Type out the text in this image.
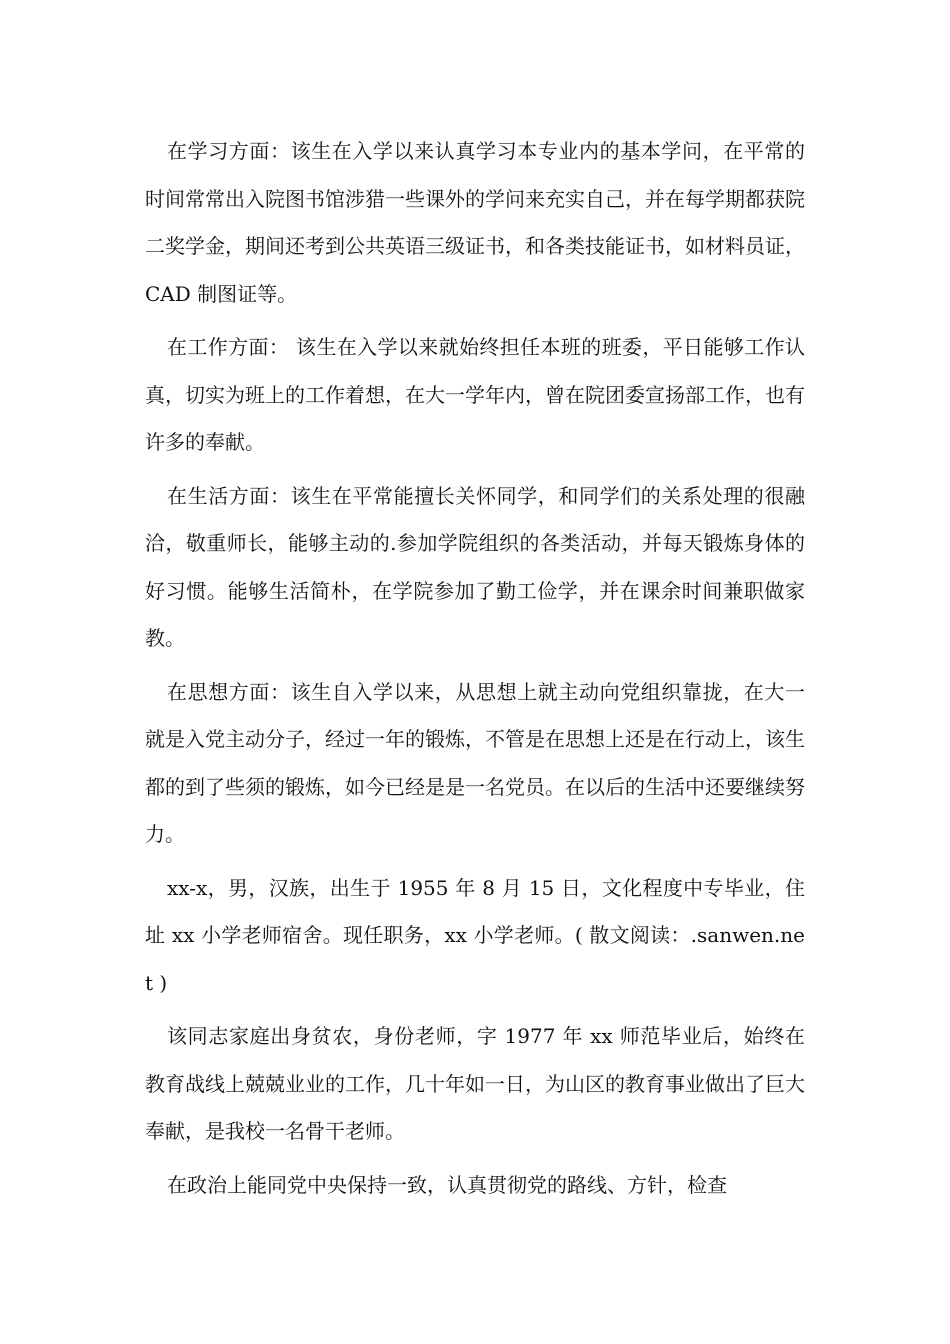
在学习方面：该生在入学以来认真学习本专业内的基本学问，在平常的时间常常出入院图书馆涉猎一些课外的学问来充实自己，并在每学期都获院二奖学金，期间还考到公共英语三级证书，和各类技能证书，如材料员证，CAD 制图证等。

在工作方面： 该生在入学以来就始终担任本班的班委，平日能够工作认真，切实为班上的工作着想，在大一学年内，曾在院团委宣扬部工作，也有许多的奉献。

在生活方面：该生在平常能擅长关怀同学，和同学们的关系处理的很融洽，敬重师长，能够主动的.参加学院组织的各类活动，并每天锻炼身体的好习惯。能够生活简朴，在学院参加了勤工俭学，并在课余时间兼职做家教。

在思想方面：该生自入学以来，从思想上就主动向党组织靠拢，在大一就是入党主动分子，经过一年的锻炼，不管是在思想上还是在行动上，该生都的到了些须的锻炼，如今已经是是一名党员。在以后的生活中还要继续努力。

xx-x，男，汉族，出生于 1955 年 8 月 15 日，文化程度中专毕业，住址 xx 小学老师宿舍。现任职务，xx 小学老师。( 散文阅读：.sanwen.net )

该同志家庭出身贫农，身份老师，字 1977 年 xx 师范毕业后，始终在教育战线上兢兢业业的工作，几十年如一日，为山区的教育事业做出了巨大奉献，是我校一名骨干老师。

在政治上能同党中央保持一致，认真贯彻党的路线、方针，检查
